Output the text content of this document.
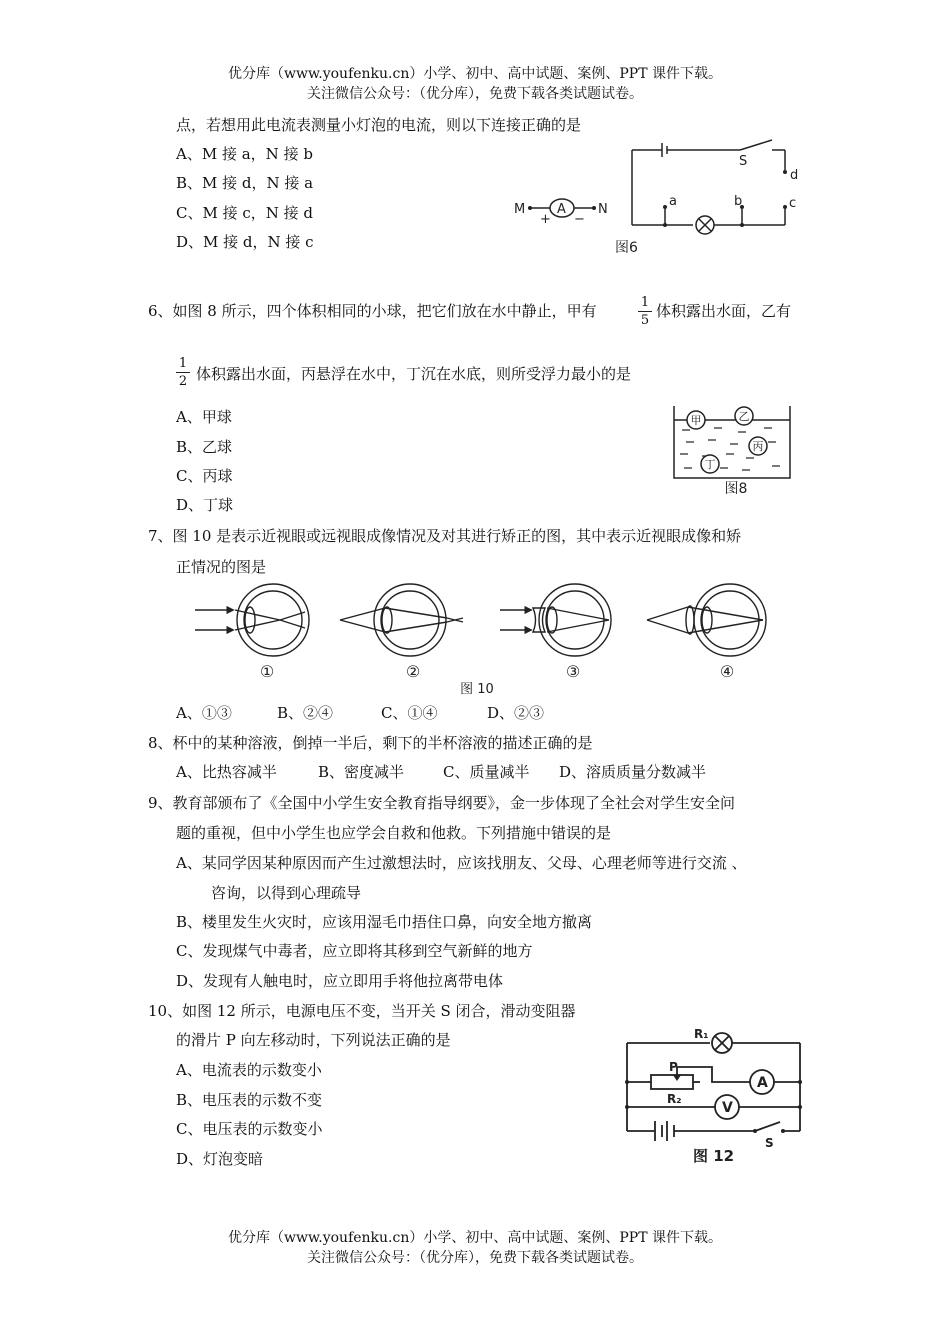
优分库（www.youfenku.cn）小学、初中、高中试题、案例、PPT 课件下载。
关注微信公众号：（优分库），免费下载各类试题试卷。
点，若想用此电流表测量小灯泡的电流，则以下连接正确的是
A、M 接 a，N 接 b
B、M 接 d，N 接 a
C、M 接 c，N 接 d
D、M 接 d，N 接 c
S
a	b	c
d
M A N
+ −
图6
6、如图 8 所示，四个体积相同的小球，把它们放在水中静止，甲有	1
5
体积露出水面，乙有
1
2 体积露出水面，丙悬浮在水中，丁沉在水底，则所受浮力最小的是
A、甲球
B、乙球
C、丙球
D、丁球
甲	乙
丙
丁
图8
7、图 10 是表示近视眼或远视眼成像情况及对其进行矫正的图，其中表示近视眼成像和矫
正情况的图是
①	②	③	④
图 10
A、①③	B、②④	C、①④	D、②③
8、杯中的某种溶液，倒掉一半后，剩下的半杯溶液的描述正确的是
A、比热容减半	B、密度减半	C、质量减半 D、溶质质量分数减半
9、教育部颁布了《全国中小学生安全教育指导纲要》，金一步体现了全社会对学生安全问
题的重视，但中小学生也应学会自救和他救。下列措施中错误的是
A、某同学因某种原因而产生过激想法时，应该找朋友、父母、心理老师等进行交流 、
咨询，以得到心理疏导
B、楼里发生火灾时，应该用湿毛巾捂住口鼻，向安全地方撤离
C、发现煤气中毒者，应立即将其移到空气新鲜的地方
D、发现有人触电时，应立即用手将他拉离带电体
10、如图 12 所示，电源电压不变，当开关 S 闭合，滑动变阻器
的滑片 P 向左移动时，下列说法正确的是
A、电流表的示数变小
B、电压表的示数不变
C、电压表的示数变小
D、灯泡变暗
R₁
P
R₂
A
V
S
图 12
优分库（www.youfenku.cn）小学、初中、高中试题、案例、PPT 课件下载。
关注微信公众号：（优分库），免费下载各类试题试卷。
